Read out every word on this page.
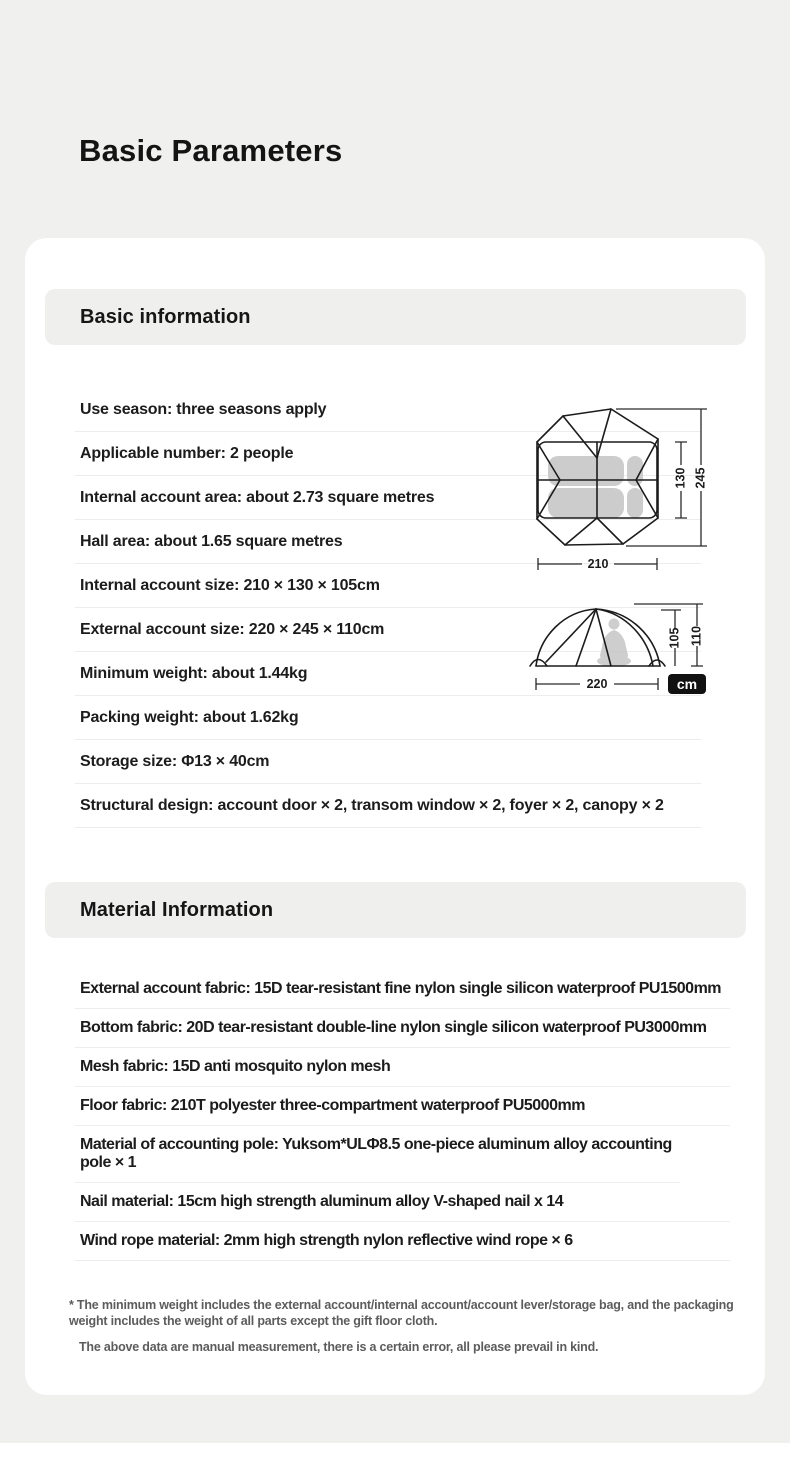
Basic Parameters
Basic information
Use season: three seasons apply
Applicable number: 2 people
Internal account area: about 2.73 square metres
Hall area: about 1.65 square metres
Internal account size: 210 × 130 × 105cm
External account size: 220 × 245 × 110cm
Minimum weight: about 1.44kg
Packing weight: about 1.62kg
Storage size: Φ13 × 40cm
Structural design: account door × 2, transom window × 2, foyer × 2, canopy × 2
130 245
210
105 110
220	cm
Material Information
External account fabric: 15D tear-resistant fine nylon single silicon waterproof PU1500mm
Bottom fabric: 20D tear-resistant double-line nylon single silicon waterproof PU3000mm
Mesh fabric: 15D anti mosquito nylon mesh
Floor fabric: 210T polyester three-compartment waterproof PU5000mm
Material of accounting pole: Yuksom*ULΦ8.5 one-piece aluminum alloy accounting pole × 1
Nail material: 15cm high strength aluminum alloy V-shaped nail x 14
Wind rope material: 2mm high strength nylon reflective wind rope × 6
* The minimum weight includes the external account/internal account/account lever/storage bag, and the packaging weight includes the weight of all parts except the gift floor cloth.
The above data are manual measurement, there is a certain error, all please prevail in kind.
